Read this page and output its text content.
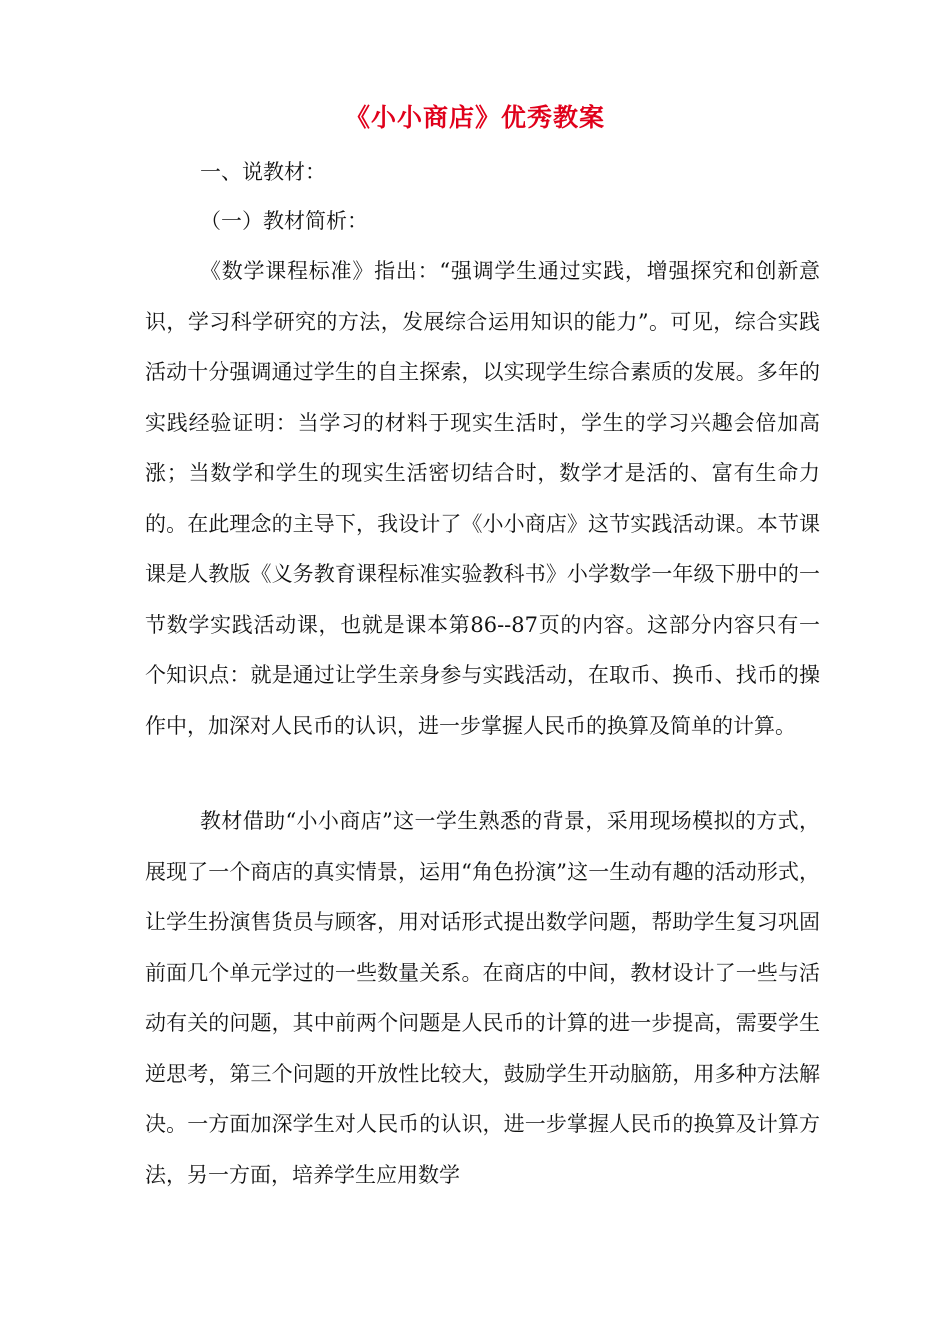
《小小商店》优秀教案
一、说教材：
（一）教材简析：

《数学课程标准》指出：“强调学生通过实践，增强探究和创新意识，学习科学研究的方法，发展综合运用知识的能力”。可见，综合实践活动十分强调通过学生的自主探索，以实现学生综合素质的发展。多年的实践经验证明：当学习的材料于现实生活时，学生的学习兴趣会倍加高涨；当数学和学生的现实生活密切结合时，数学才是活的、富有生命力的。在此理念的主导下，我设计了《小小商店》这节实践活动课。本节课课是人教版《义务教育课程标准实验教科书》小学数学一年级下册中的一节数学实践活动课，也就是课本第86--87页的内容。这部分内容只有一个知识点：就是通过让学生亲身参与实践活动，在取币、换币、找币的操作中，加深对人民币的认识，进一步掌握人民币的换算及简单的计算。

教材借助“小小商店”这一学生熟悉的背景，采用现场模拟的方式，展现了一个商店的真实情景，运用“角色扮演”这一生动有趣的活动形式，让学生扮演售货员与顾客，用对话形式提出数学问题，帮助学生复习巩固前面几个单元学过的一些数量关系。在商店的中间，教材设计了一些与活动有关的问题，其中前两个问题是人民币的计算的进一步提高，需要学生逆思考，第三个问题的开放性比较大，鼓励学生开动脑筋，用多种方法解决。一方面加深学生对人民币的认识，进一步掌握人民币的换算及计算方法，另一方面，培养学生应用数学
